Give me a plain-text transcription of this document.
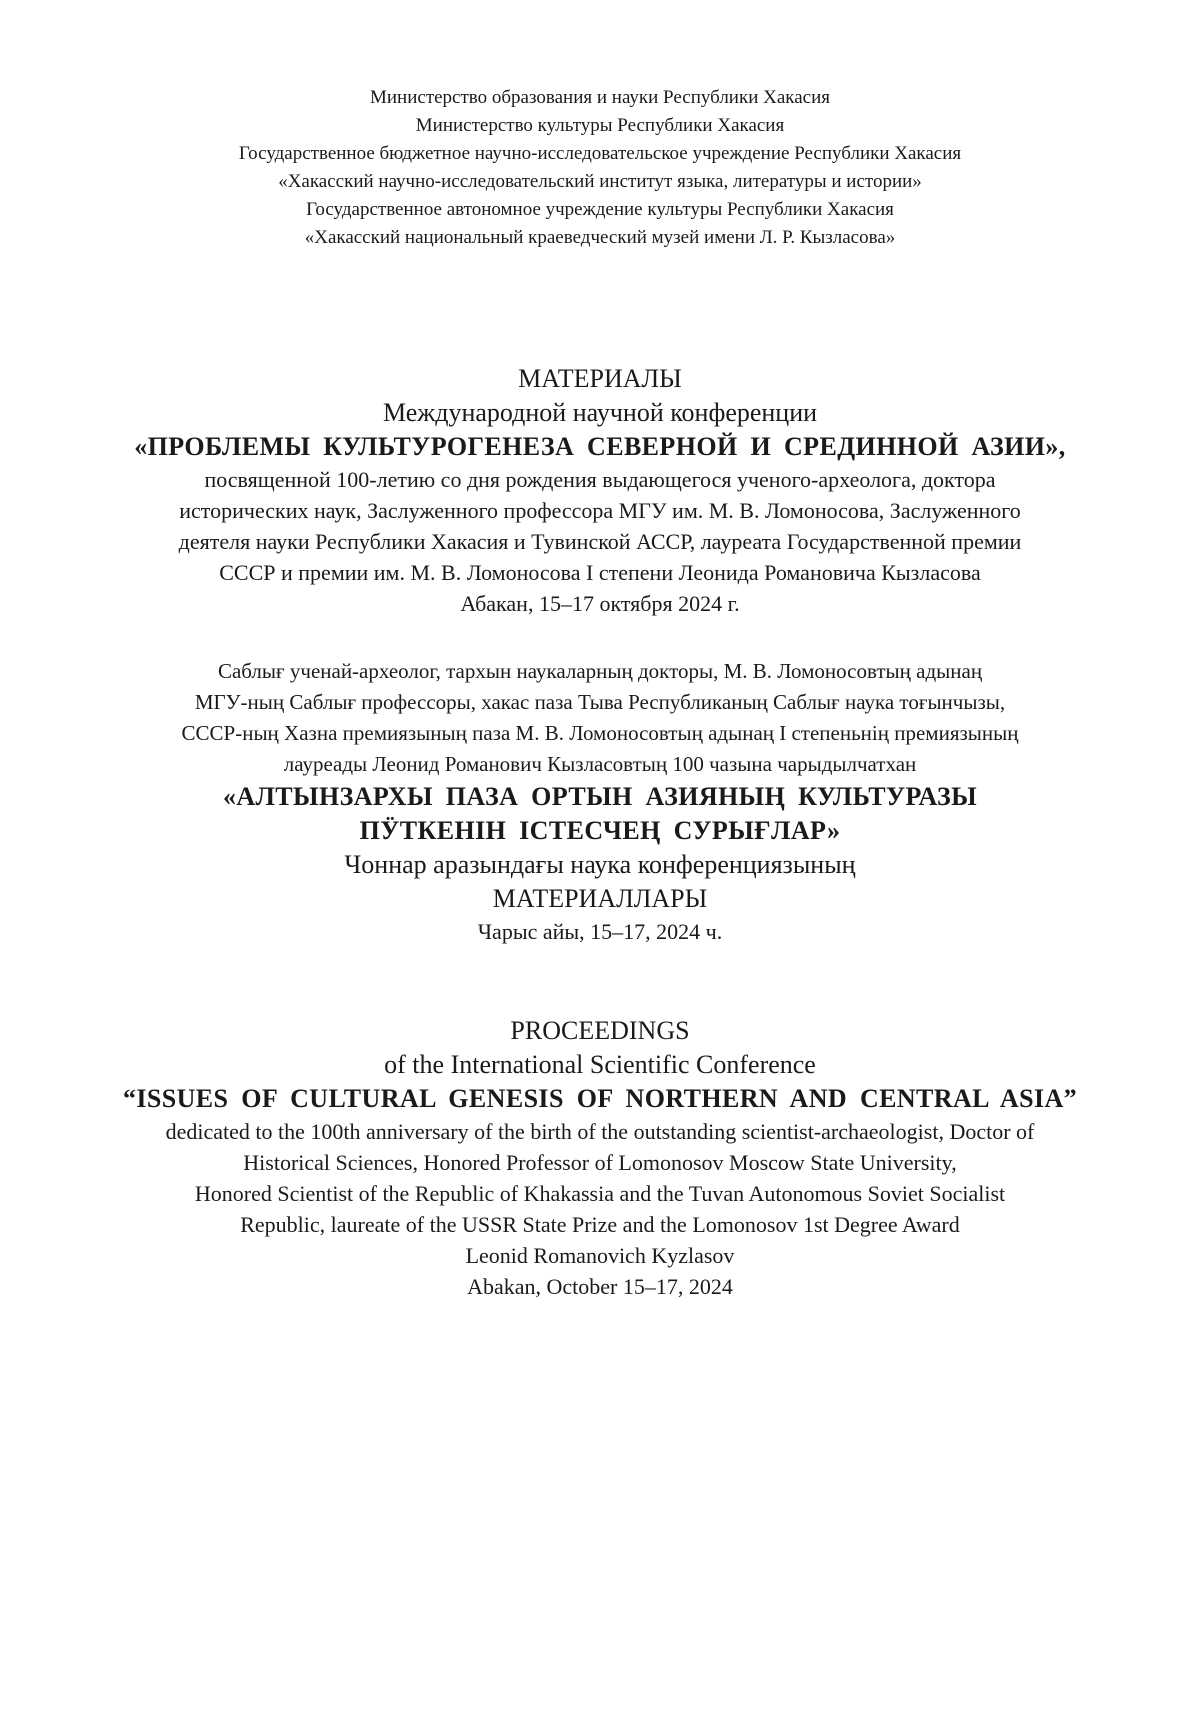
Министерство образования и науки Республики Хакасия
Министерство культуры Республики Хакасия
Государственное бюджетное научно-исследовательское учреждение Республики Хакасия
«Хакасский научно-исследовательский институт языка, литературы и истории»
Государственное автономное учреждение культуры Республики Хакасия
«Хакасский национальный краеведческий музей имени Л. Р. Кызласова»
МАТЕРИАЛЫ
Международной научной конференции
«ПРОБЛЕМЫ КУЛЬТУРОГЕНЕЗА СЕВЕРНОЙ И СРЕДИННОЙ АЗИИ»,
посвященной 100-летию со дня рождения выдающегося ученого-археолога, доктора
исторических наук, Заслуженного профессора МГУ им. М. В. Ломоносова, Заслуженного
деятеля науки Республики Хакасия и Тувинской АССР, лауреата Государственной премии
СССР и премии им. М. В. Ломоносова I степени Леонида Романовича Кызласова
Абакан, 15–17 октября 2024 г.
Саблығ ученай-археолог, тархын наукаларның докторы, М. В. Ломоносовтың адынаң
МГУ-ның Саблығ профессоры, хакас паза Тыва Республиканың Саблығ наука тоғынчызы,
СССР-ның Хазна премиязының паза М. В. Ломоносовтың адынаң I степеньнің премиязының
лауреады Леонид Романович Кызласовтың 100 чазына чарыдылчатхан
«АЛТЫНЗАРХЫ ПАЗА ОРТЫН АЗИЯНЫҢ КУЛЬТУРАЗЫ
ПӰТКЕНІН ІСТЕСЧЕҢ СУРЫҒЛАР»
Чоннар аразындағы наука конференциязының
МАТЕРИАЛЛАРЫ
Чарыс айы, 15–17, 2024 ч.
PROCEEDINGS
of the International Scientific Conference
“ISSUES OF CULTURAL GENESIS OF NORTHERN AND CENTRAL ASIA”
dedicated to the 100th anniversary of the birth of the outstanding scientist-archaeologist, Doctor of
Historical Sciences, Honored Professor of Lomonosov Moscow State University,
Honored Scientist of the Republic of Khakassia and the Tuvan Autonomous Soviet Socialist
Republic, laureate of the USSR State Prize and the Lomonosov 1st Degree Award
Leonid Romanovich Kyzlasov
Abakan, October 15–17, 2024
